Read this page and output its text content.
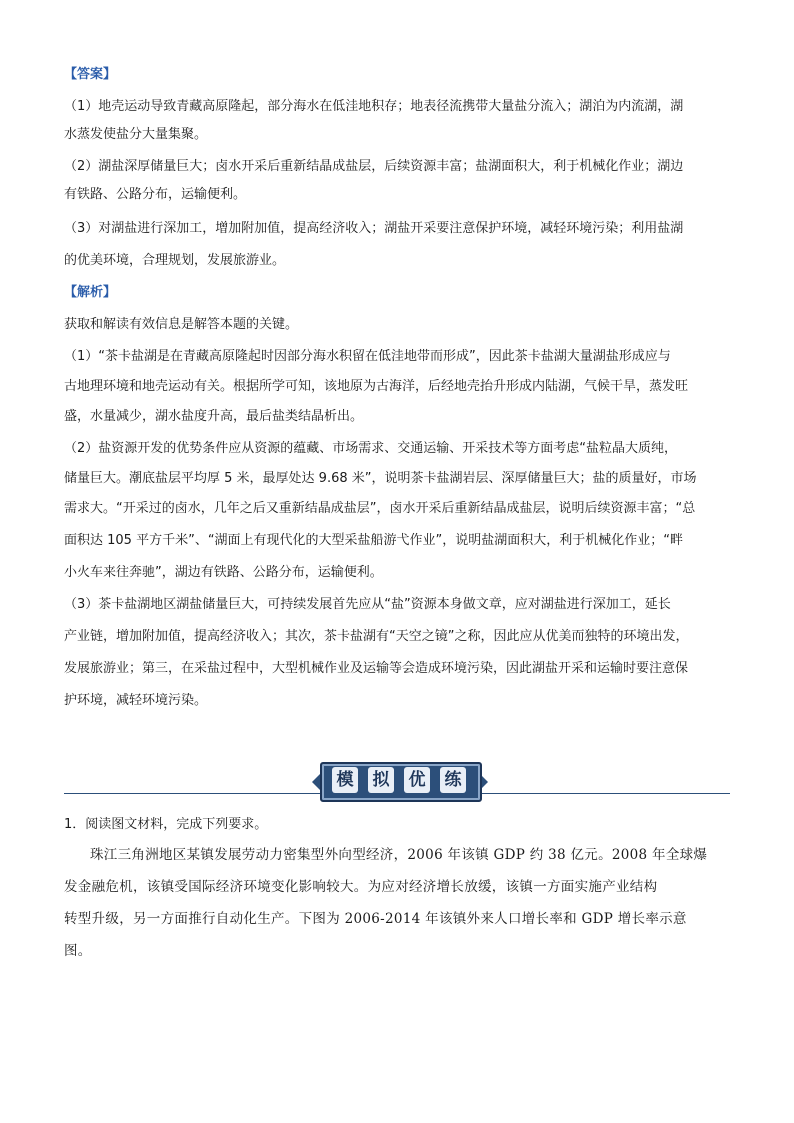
【答案】
（1）地壳运动导致青藏高原隆起，部分海水在低洼地积存；地表径流携带大量盐分流入；湖泊为内流湖，湖
水蒸发使盐分大量集聚。
（2）湖盐深厚储量巨大；卤水开采后重新结晶成盐层，后续资源丰富；盐湖面积大，利于机械化作业；湖边
有铁路、公路分布，运输便利。
（3）对湖盐进行深加工，增加附加值，提高经济收入；湖盐开采要注意保护环境，减轻环境污染；利用盐湖
的优美环境，合理规划，发展旅游业。
【解析】
获取和解读有效信息是解答本题的关键。
（1）“茶卡盐湖是在青藏高原隆起时因部分海水积留在低洼地带而形成”，因此茶卡盐湖大量湖盐形成应与
古地理环境和地壳运动有关。根据所学可知，该地原为古海洋，后经地壳抬升形成内陆湖，气候干旱，蒸发旺
盛，水量减少，湖水盐度升高，最后盐类结晶析出。
（2）盐资源开发的优势条件应从资源的蕴藏、市场需求、交通运输、开采技术等方面考虑“盐粒晶大质纯，
储量巨大。潮底盐层平均厚 5 米，最厚处达 9.68 米”，说明茶卡盐湖岩层、深厚储量巨大；盐的质量好，市场
需求大。“开采过的卤水，几年之后又重新结晶成盐层”，卤水开采后重新结晶成盐层，说明后续资源丰富；“总
面积达 105 平方千米”、“湖面上有现代化的大型采盐船游弋作业”，说明盐湖面积大，利于机械化作业；“畔
小火车来往奔驰”，湖边有铁路、公路分布，运输便利。
（3）茶卡盐湖地区湖盐储量巨大，可持续发展首先应从“盐”资源本身做文章，应对湖盐进行深加工，延长
产业链，增加附加值，提高经济收入；其次，茶卡盐湖有“天空之镜”之称，因此应从优美而独特的环境出发，
发展旅游业；第三，在采盐过程中，大型机械作业及运输等会造成环境污染，因此湖盐开采和运输时要注意保
护环境，减轻环境污染。
模 拟 优 练
1．阅读图文材料，完成下列要求。
珠江三角洲地区某镇发展劳动力密集型外向型经济，2006 年该镇 GDP 约 38 亿元。2008 年全球爆
发金融危机，该镇受国际经济环境变化影响较大。为应对经济增长放缓，该镇一方面实施产业结构
转型升级，另一方面推行自动化生产。下图为 2006-2014 年该镇外来人口增长率和 GDP 增长率示意
图。
